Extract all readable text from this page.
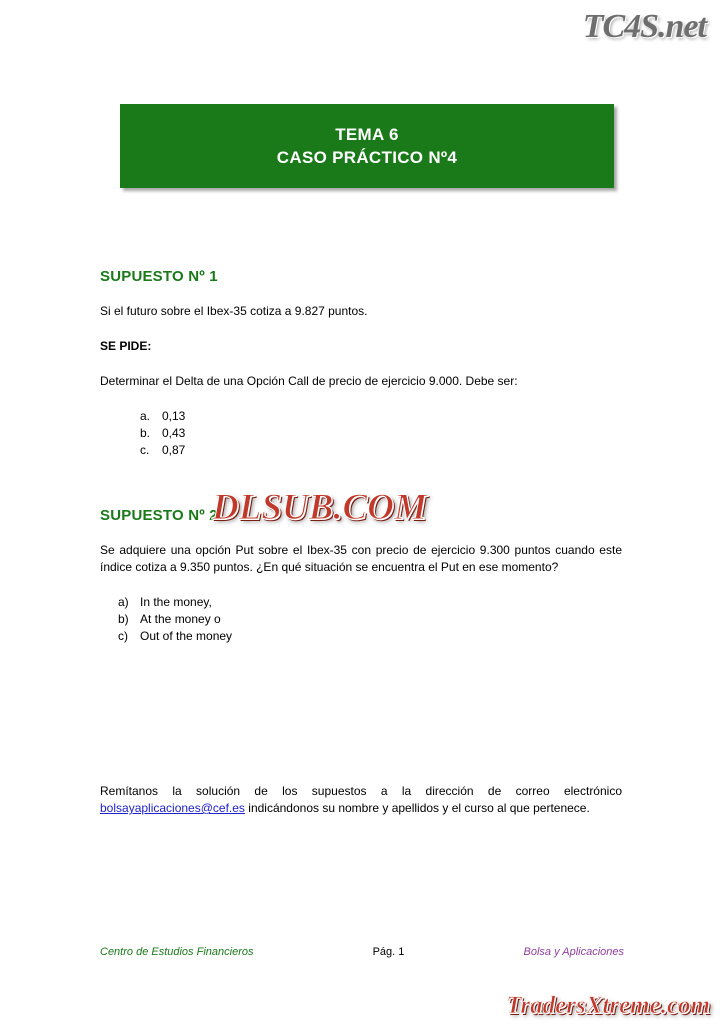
TC4S.net
TEMA 6
CASO PRÁCTICO Nº4
SUPUESTO Nº 1

Si el futuro sobre el Ibex-35 cotiza a 9.827 puntos.

SE PIDE:

Determinar el Delta de una Opción Call de precio de ejercicio 9.000. Debe ser:

a. 0,13
b. 0,43
c.	0,87
SUPUESTO Nº 2

Se adquiere una opción Put sobre el Ibex-35 con precio de ejercicio 9.300 puntos cuando este índice cotiza a 9.350 puntos. ¿En qué situación se encuentra el Put en ese momento?

a) In the money,
b) At the money o
c)	Out of the money

Remítanos la solución de los supuestos a la dirección de correo electrónico bolsayaplicaciones@cef.es indicándonos su nombre y apellidos y el curso al que pertenece.

DLSUB.COM
Centro de Estudios Financieros	Pág. 1	Bolsa y Aplicaciones
TradersXtreme.com
